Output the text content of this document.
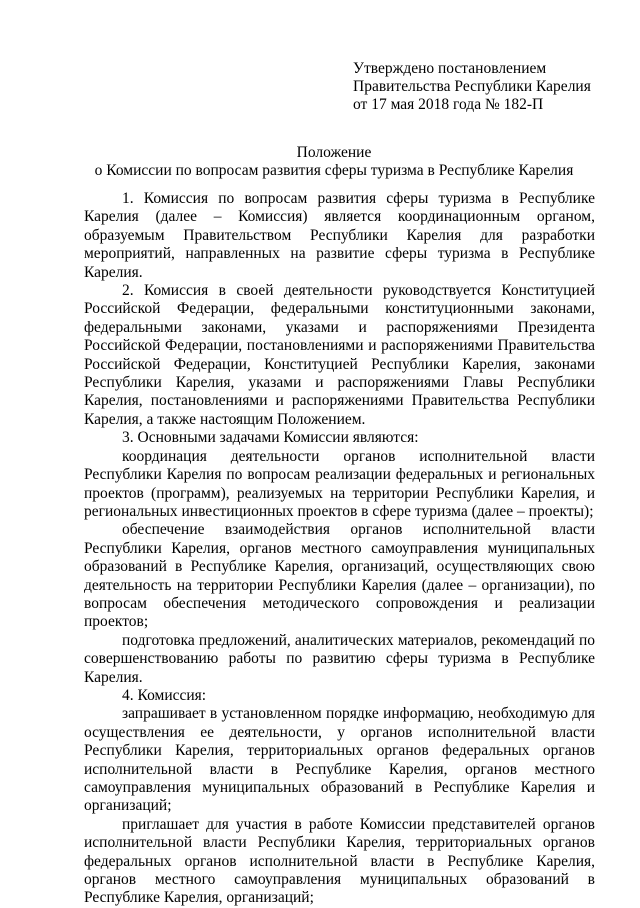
Утверждено постановлением
Правительства Республики Карелия
от 17 мая 2018 года № 182-П
Положение
о Комиссии по вопросам развития сферы туризма в Республике Карелия

1. Комиссия по вопросам развития сферы туризма в Республике Карелия (далее – Комиссия) является координационным органом, образуемым Правительством Республики Карелия для разработки мероприятий, направленных на развитие сферы туризма в Республике Карелия.

2. Комиссия в своей деятельности руководствуется Конституцией Российской Федерации, федеральными конституционными законами, федеральными законами, указами и распоряжениями Президента Российской Федерации, постановлениями и распоряжениями Правительства Российской Федерации, Конституцией Республики Карелия, законами Республики Карелия, указами и распоряжениями Главы Республики Карелия, постановлениями и распоряжениями Правительства Республики Карелия, а также настоящим Положением.

3. Основными задачами Комиссии являются:

координация деятельности органов исполнительной власти Республики Карелия по вопросам реализации федеральных и региональных проектов (программ), реализуемых на территории Республики Карелия, и региональных инвестиционных проектов в сфере туризма (далее – проекты);

обеспечение взаимодействия органов исполнительной власти Республики Карелия, органов местного самоуправления муниципальных образований в Республике Карелия, организаций, осуществляющих свою деятельность на территории Республики Карелия (далее – организации), по вопросам обеспечения методического сопровождения и реализации проектов;

подготовка предложений, аналитических материалов, рекомендаций по совершенствованию работы по развитию сферы туризма в Республике Карелия.

4. Комиссия:

запрашивает в установленном порядке информацию, необходимую для осуществления ее деятельности, у органов исполнительной власти Республики Карелия, территориальных органов федеральных органов исполнительной власти в Республике Карелия, органов местного самоуправления муниципальных образований в Республике Карелия и организаций;

приглашает для участия в работе Комиссии представителей органов исполнительной власти Республики Карелия, территориальных органов федеральных органов исполнительной власти в Республике Карелия, органов местного самоуправления муниципальных образований в Республике Карелия, организаций;
